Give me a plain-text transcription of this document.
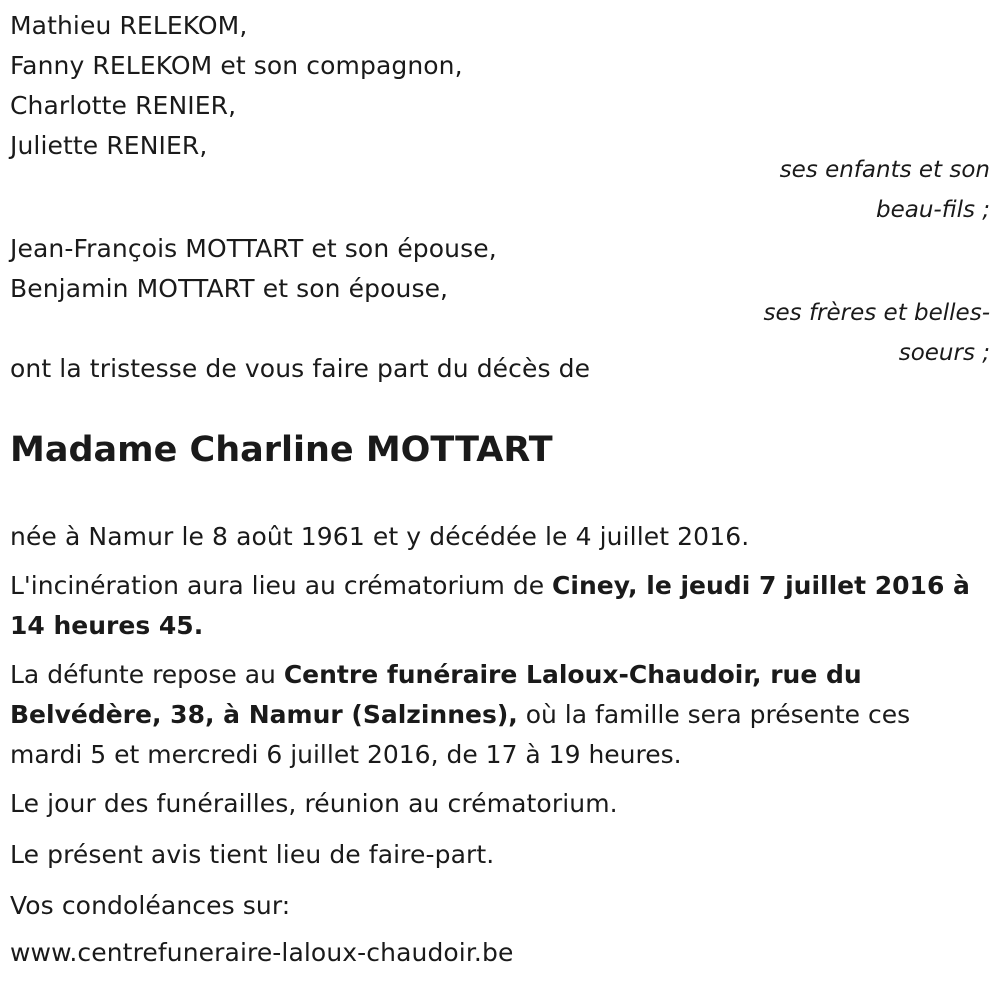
Mathieu RELEKOM,
Fanny RELEKOM et son compagnon,
Charlotte RENIER,
Juliette RENIER,
ses enfants et son
beau-fils ;
Jean-François MOTTART et son épouse,
Benjamin MOTTART et son épouse,
ses frères et belles-
soeurs ;
ont la tristesse de vous faire part du décès de
Madame Charline MOTTART
née à Namur le 8 août 1961 et y décédée le 4 juillet 2016.
L'incinération aura lieu au crématorium de Ciney, le jeudi 7 juillet 2016 à
14 heures 45.
La défunte repose au Centre funéraire Laloux-Chaudoir, rue du
Belvédère, 38, à Namur (Salzinnes), où la famille sera présente ces
mardi 5 et mercredi 6 juillet 2016, de 17 à 19 heures.
Le jour des funérailles, réunion au crématorium.
Le présent avis tient lieu de faire-part.
Vos condoléances sur:
www.centrefuneraire-laloux-chaudoir.be
